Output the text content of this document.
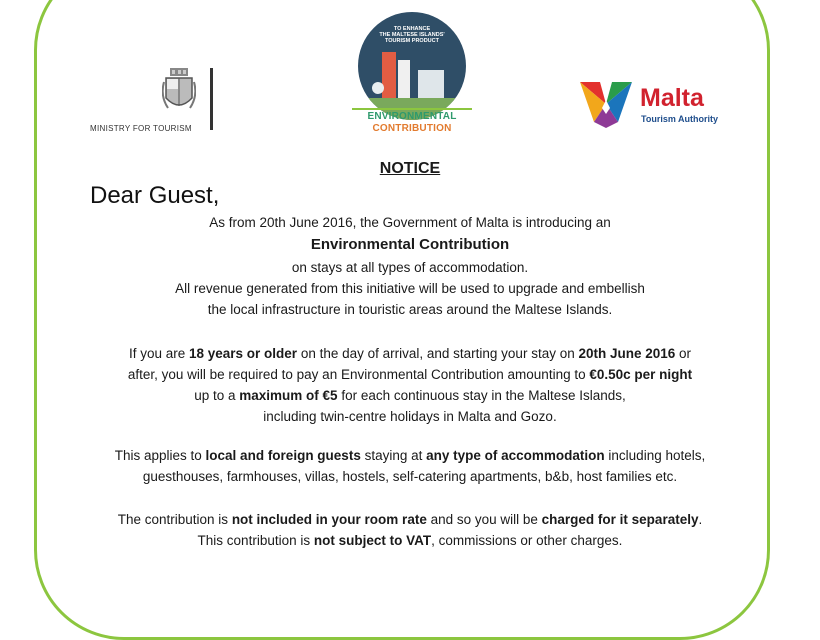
MINISTRY FOR TOURISM
TO ENHANCE
THE MALTESE ISLANDS'
TOURISM PRODUCT
ENVIRONMENTAL
CONTRIBUTION
Malta
Tourism Authority
NOTICE
Dear Guest,
As from 20th June 2016, the Government of Malta is introducing an
Environmental Contribution
on stays at all types of accommodation.
All revenue generated from this initiative will be used to upgrade and embellish
the local infrastructure in touristic areas around the Maltese Islands.
If you are 18 years or older on the day of arrival, and starting your stay on 20th June 2016 or
after, you will be required to pay an Environmental Contribution amounting to €0.50c per night
up to a maximum of €5 for each continuous stay in the Maltese Islands,
including twin-centre holidays in Malta and Gozo.
This applies to local and foreign guests staying at any type of accommodation including hotels,
guesthouses, farmhouses, villas, hostels, self-catering apartments, b&b, host families etc.
The contribution is not included in your room rate and so you will be charged for it separately.
This contribution is not subject to VAT, commissions or other charges.
